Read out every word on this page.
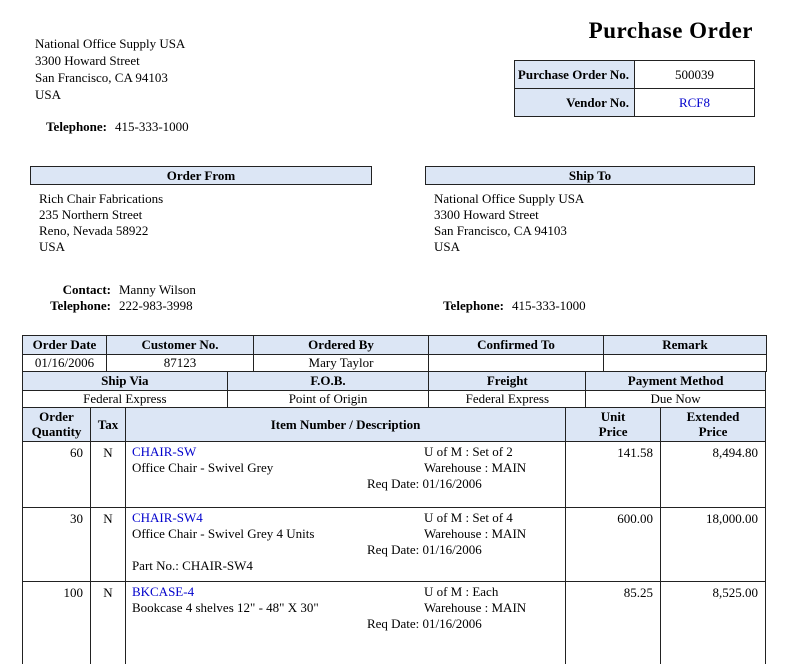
National Office Supply USA
3300 Howard Street
San Francisco, CA 94103
USA
Telephone: 415-333-1000
Purchase Order
Purchase Order No.	500039
Vendor No.	RCF8
Order From
Rich Chair Fabrications
235 Northern Street
Reno, Nevada 58922
USA
Contact: Manny Wilson
Telephone: 222-983-3998
Ship To
National Office Supply USA
3300 Howard Street
San Francisco, CA 94103
USA
Telephone: 415-333-1000
Order Date	Customer No.	Ordered By	Confirmed To	Remark
01/16/2006	87123	Mary Taylor		
Ship Via	F.O.B.	Freight	Payment Method
Federal Express	Point of Origin	Federal Express	Due Now
Order Quantity	Tax	Item Number / Description	Unit Price	Extended Price
60	N	CHAIR-SW
Office Chair - Swivel Grey
U of M : Set of 2
Warehouse : MAIN
Req Date: 01/16/2006	141.58	8,494.80
30	N	CHAIR-SW4
Office Chair - Swivel Grey 4 Units
Part No.: CHAIR-SW4
U of M : Set of 4
Warehouse : MAIN
Req Date: 01/16/2006
	600.00	18,000.00
100	N	BKCASE-4
Bookcase 4 shelves 12" - 48" X 30"
U of M : Each
Warehouse : MAIN
Req Date: 01/16/2006	85.25	8,525.00
